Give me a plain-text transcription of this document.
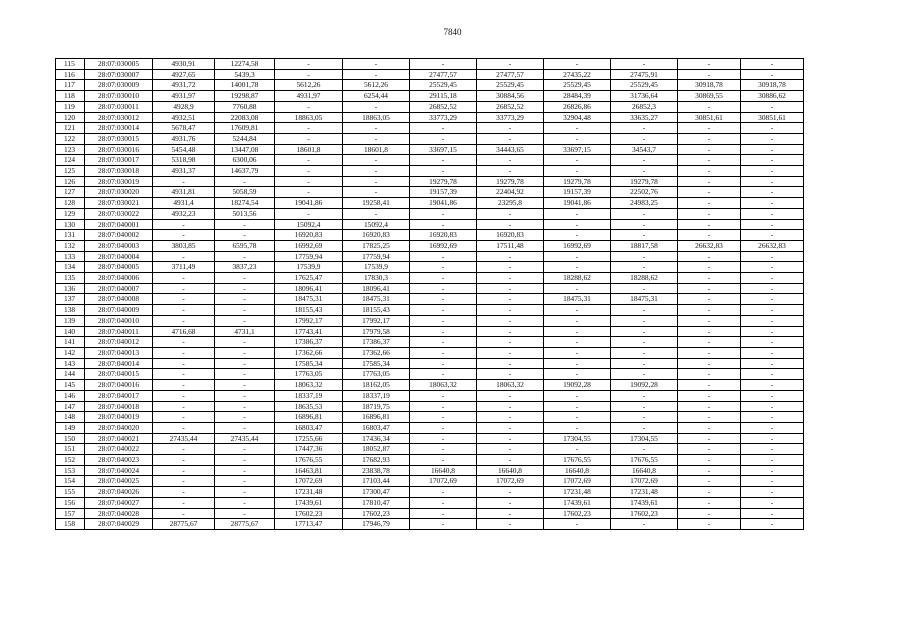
7840
115	28:07:030005	4930,91	12274,58	-	-	-	-	-	-	-	-
116	28:07:030007	4927,65	5439,3	-	-	27477,57	27477,57	27435,22	27475,91	-	-
117	28:07:030009	4931,72	14001,78	5612,26	5612,26	25529,45	25529,45	25529,45	25529,45	30918,78	30918,78
118	28:07:030010	4931,97	19298,87	4931,97	6254,44	29115,18	30884,56	28484,39	31736,64	30869,55	30886,62
119	28:07:030011	4928,9	7760,88	-	-	26852,52	26852,52	26826,86	26852,3	-	-
120	28:07:030012	4932,51	22083,08	18863,05	18863,05	33773,29	33773,29	32904,48	33635,27	30851,61	30851,61
121	28:07:030014	5678,47	17609,81	-	-	-	-	-	-	-	-
122	28:07:030015	4931,76	5244,84	-	-	-	-	-	-	-	-
123	28:07:030016	5454,48	13447,08	18601,8	18601,8	33697,15	34443,65	33697,15	34543,7	-	-
124	28:07:030017	5318,98	6300,06	-	-	-	-	-	-	-	-
125	28:07:030018	4931,37	14637,79	-	-	-	-	-	-	-	-
126	28:07:030019	-	-	-	-	19279,78	19279,78	19279,78	19279,78	-	-
127	28:07:030020	4931,81	5058,59	-	-	19157,39	22404,92	19157,39	22502,76	-	-
128	28:07:030021	4931,4	18274,54	19041,86	19258,41	19041,86	23295,8	19041,86	24983,25	-	-
129	28:07:030022	4932,23	5013,56	-	-	-	-	-	-	-	-
130	28:07:040001	-	-	15092,4	15092,4	-	-	-	-	-	-
131	28:07:040002	-	-	16920,83	16920,83	16920,83	16920,83	-	-	-	-
132	28:07:040003	3803,85	6595,78	16992,69	17825,25	16992,69	17511,48	16992,69	18817,58	26632,83	26632,83
133	28:07:040004	-	-	17759,94	17759,94	-	-	-	-	-	-
134	28:07:040005	3711,49	3837,23	17539,9	17539,9	-	-	-	-	-	-
135	28:07:040006	-	-	17625,47	17830,3	-	-	18288,62	18288,62	-	-
136	28:07:040007	-	-	18096,41	18096,41	-	-	-	-	-	-
137	28:07:040008	-	-	18475,31	18475,31	-	-	18475,31	18475,31	-	-
138	28:07:040009	-	-	18155,43	18155,43	-	-	-	-	-	-
139	28:07:040010	-	-	17992,17	17992,17	-	-	-	-	-	-
140	28:07:040011	4716,68	4731,1	17743,41	17979,58	-	-	-	-	-	-
141	28:07:040012	-	-	17386,37	17386,37	-	-	-	-	-	-
142	28:07:040013	-	-	17362,66	17362,66	-	-	-	-	-	-
143	28:07:040014	-	-	17585,34	17585,34	-	-	-	-	-	-
144	28:07:040015	-	-	17763,05	17763,05	-	-	-	-	-	-
145	28:07:040016	-	-	18063,32	18162,05	18063,32	18063,32	19092,28	19092,28	-	-
146	28:07:040017	-	-	18337,19	18337,19	-	-	-	-	-	-
147	28:07:040018	-	-	18635,53	18719,75	-	-	-	-	-	-
148	28:07:040019	-	-	16896,81	16896,81	-	-	-	-	-	-
149	28:07:040020	-	-	16803,47	16803,47	-	-	-	-	-	-
150	28:07:040021	27435,44	27435,44	17255,66	17436,34	-	-	17304,55	17304,55	-	-
151	28:07:040022	-	-	17447,36	18052,87	-	-	-	-	-	-
152	28:07:040023	-	-	17676,55	17682,93	-	-	17676,55	17676,55	-	-
153	28:07:040024	-	-	16463,81	23838,78	16640,8	16640,8	16640,8	16640,8	-	-
154	28:07:040025	-	-	17072,69	17103,44	17072,69	17072,69	17072,69	17072,69	-	-
155	28:07:040026	-	-	17231,48	17300,47	-	-	17231,48	17231,48	-	-
156	28:07:040027	-	-	17439,61	17810,47	-	-	17439,61	17439,61	-	-
157	28:07:040028	-	-	17602,23	17602,23	-	-	17602,23	17602,23	-	-
158	28:07:040029	28775,67	28775,67	17713,47	17946,79	-	-	-	-	-	-
